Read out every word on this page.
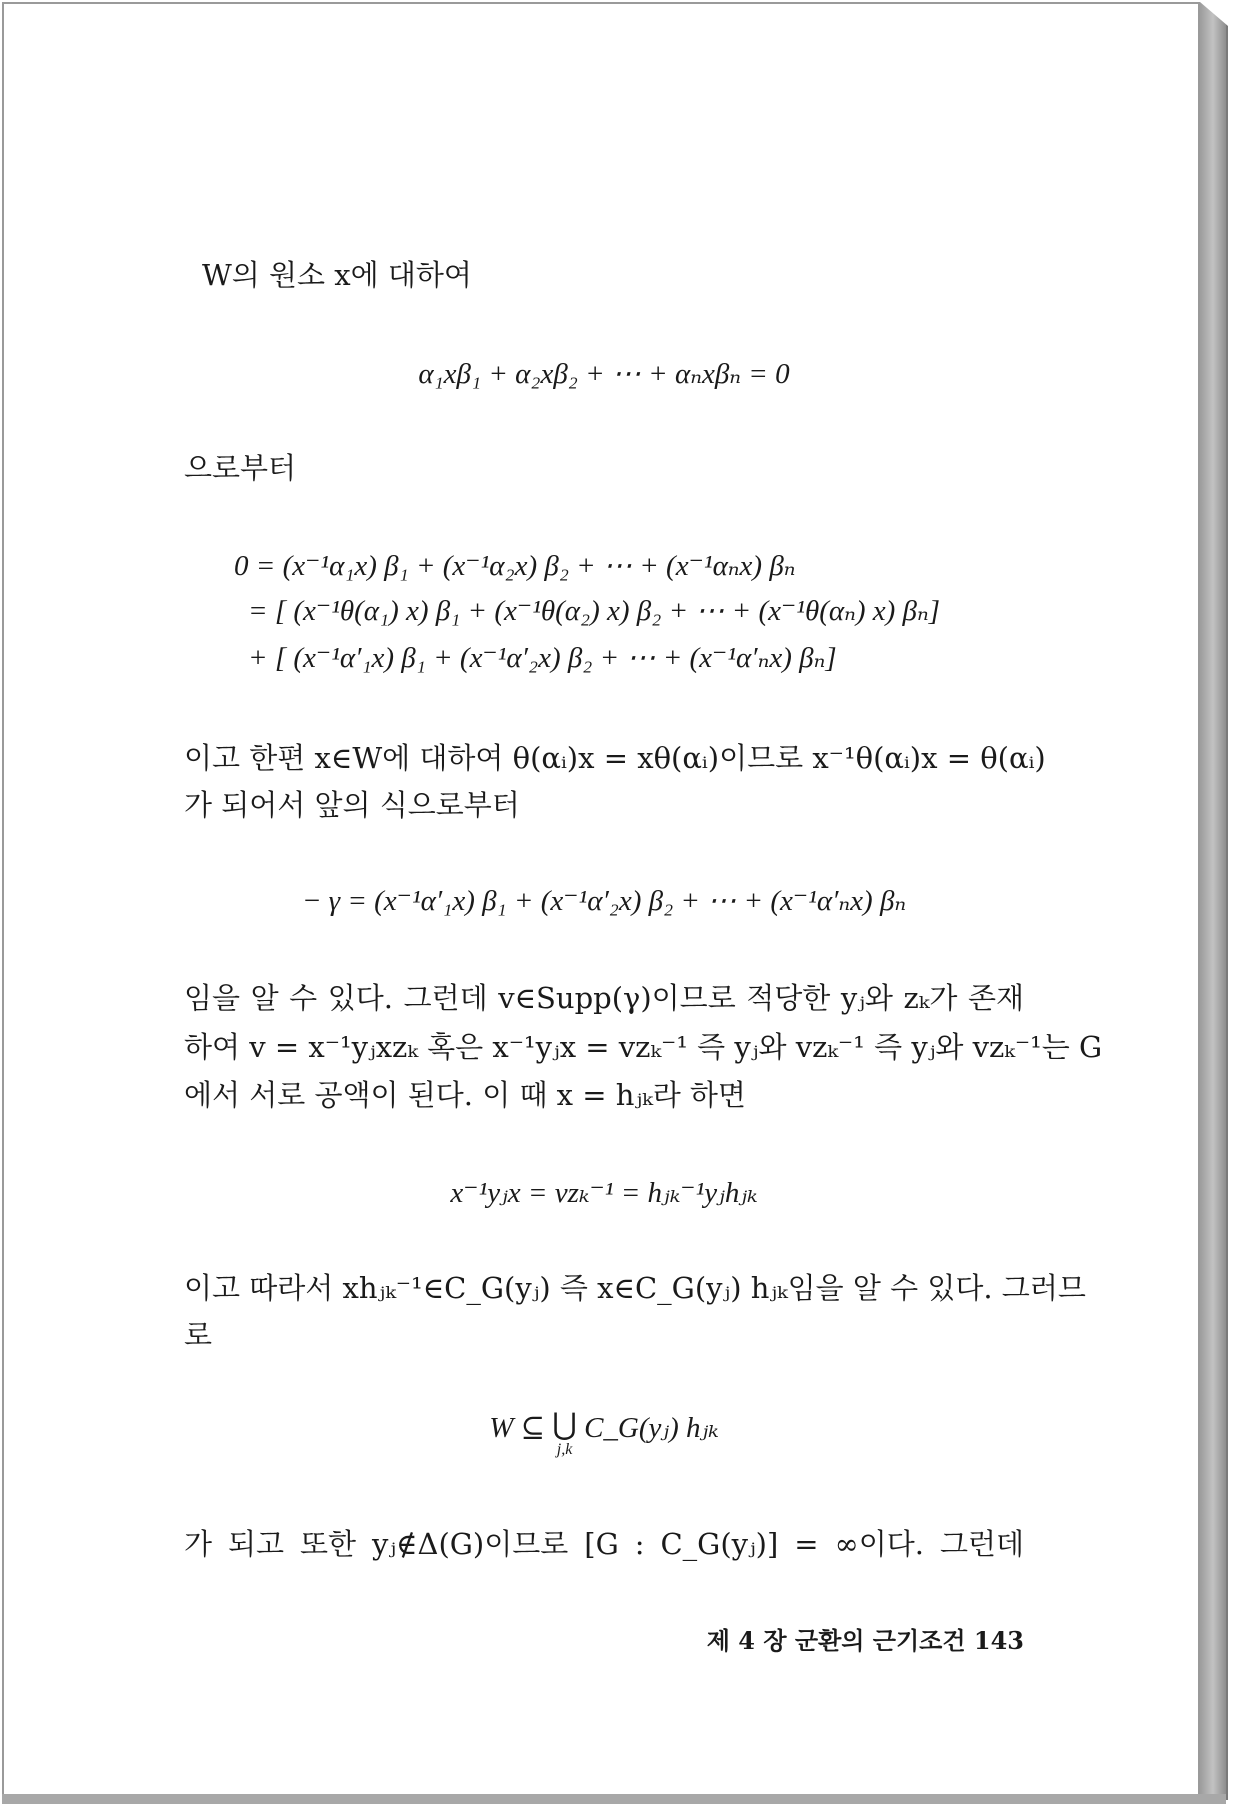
W의 원소 x에 대하여
α₁xβ₁ + α₂xβ₂ + ⋯ + αₙxβₙ = 0
으로부터
0 = (x⁻¹α₁x) β₁ + (x⁻¹α₂x) β₂ + ⋯ + (x⁻¹αₙx) βₙ
= [ (x⁻¹θ(α₁) x) β₁ + (x⁻¹θ(α₂) x) β₂ + ⋯ + (x⁻¹θ(αₙ) x) βₙ]
+ [ (x⁻¹α′₁x) β₁ + (x⁻¹α′₂x) β₂ + ⋯ + (x⁻¹α′ₙx) βₙ]
이고 한편 x∈W에 대하여 θ(αᵢ)x = xθ(αᵢ)이므로 x⁻¹θ(αᵢ)x = θ(αᵢ)
가 되어서 앞의 식으로부터
− γ = (x⁻¹α′₁x) β₁ + (x⁻¹α′₂x) β₂ + ⋯ + (x⁻¹α′ₙx) βₙ
임을 알 수 있다. 그런데 v∈Supp(γ)이므로 적당한 yⱼ와 zₖ가 존재
하여 v = x⁻¹yⱼxzₖ 혹은 x⁻¹yⱼx = vzₖ⁻¹ 즉 yⱼ와 vzₖ⁻¹ 즉 yⱼ와 vzₖ⁻¹는 G
에서 서로 공액이 된다. 이 때 x = hⱼₖ라 하면
x⁻¹yⱼx = vzₖ⁻¹ = hⱼₖ⁻¹yⱼhⱼₖ
이고 따라서 xhⱼₖ⁻¹∈C_G(yⱼ) 즉 x∈C_G(yⱼ) hⱼₖ임을 알 수 있다. 그러므
로
W ⊆ ⋃
j,k
C_G(yⱼ) hⱼₖ
가 되고 또한 yⱼ∉Δ(G)이므로 [G : C_G(yⱼ)] = ∞이다. 그런데
제 4 장 군환의 근기조건 143
